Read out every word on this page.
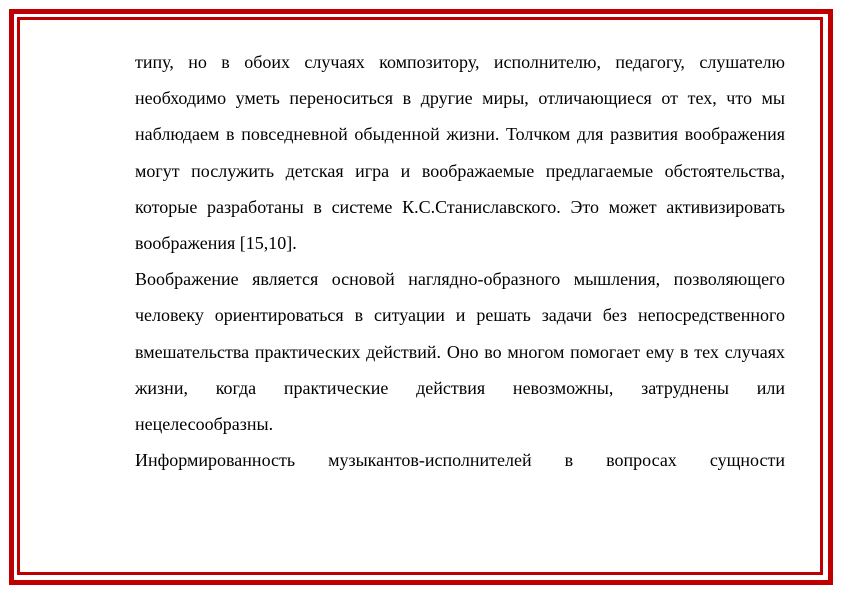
типу, но в обоих случаях композитору, исполнителю, педагогу, слушателю необходимо уметь переноситься в другие миры, отличающиеся от тех, что мы наблюдаем в повседневной обыденной жизни. Толчком для развития воображения могут послужить детская игра и воображаемые предлагаемые обстоятельства, которые разработаны в системе К.С.Станиславского. Это может активизировать воображения [15,10].

Воображение является основой наглядно-образного мышления, позволяющего человеку ориентироваться в ситуации и решать задачи без непосредственного вмешательства практических действий. Оно во многом помогает ему в тех случаях жизни, когда практические действия невозможны, затруднены или нецелесообразны.

Информированность музыкантов-исполнителей в вопросах сущности
